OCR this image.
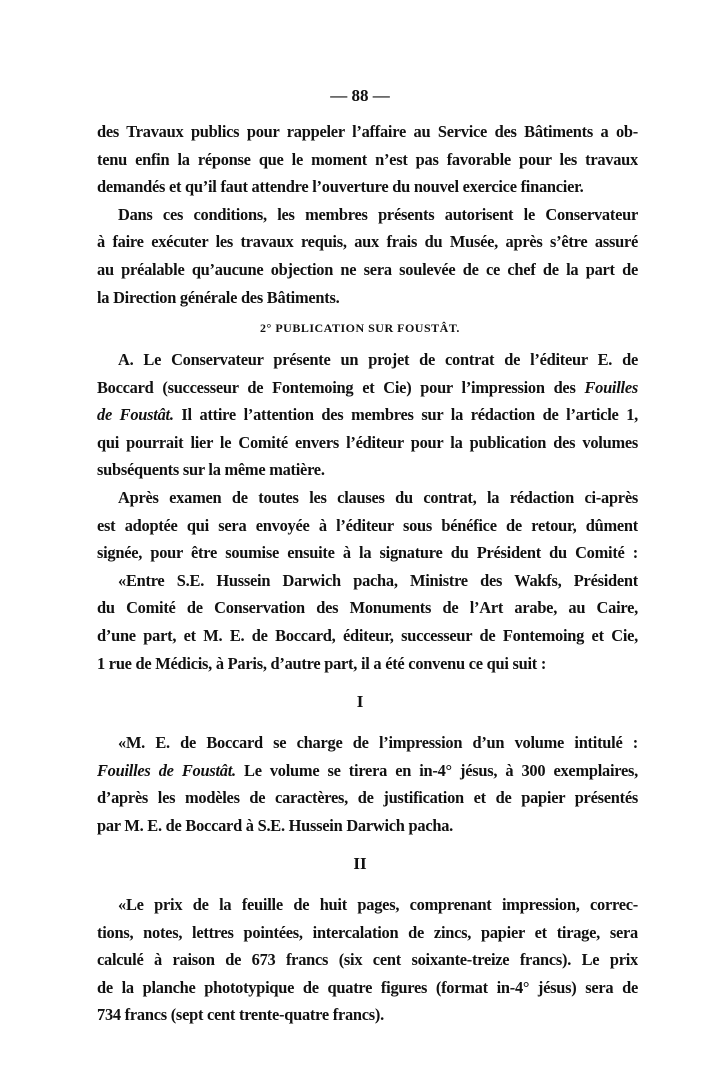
— 88 —
des Travaux publics pour rappeler l’affaire au Service des Bâtiments a ob-
tenu enfin la réponse que le moment n’est pas favorable pour les travaux
demandés et qu’il faut attendre l’ouverture du nouvel exercice financier.
Dans ces conditions, les membres présents autorisent le Conservateur
à faire exécuter les travaux requis, aux frais du Musée, après s’être assuré
au préalable qu’aucune objection ne sera soulevée de ce chef de la part de
la Direction générale des Bâtiments.
2° PUBLICATION SUR FOUSTÂT.
A. Le Conservateur présente un projet de contrat de l’éditeur E. de
Boccard (successeur de Fontemoing et Cie) pour l’impression des Fouilles
de Foustât. Il attire l’attention des membres sur la rédaction de l’article 1,
qui pourrait lier le Comité envers l’éditeur pour la publication des volumes
subséquents sur la même matière.
Après examen de toutes les clauses du contrat, la rédaction ci-après
est adoptée qui sera envoyée à l’éditeur sous bénéfice de retour, dûment
signée, pour être soumise ensuite à la signature du Président du Comité :
«Entre S.E. Hussein Darwich pacha, Ministre des Wakfs, Président
du Comité de Conservation des Monuments de l’Art arabe, au Caire,
d’une part, et M. E. de Boccard, éditeur, successeur de Fontemoing et Cie,
1 rue de Médicis, à Paris, d’autre part, il a été convenu ce qui suit :
I
«M. E. de Boccard se charge de l’impression d’un volume intitulé :
Fouilles de Foustât. Le volume se tirera en in-4° jésus, à 300 exemplaires,
d’après les modèles de caractères, de justification et de papier présentés
par M. E. de Boccard à S.E. Hussein Darwich pacha.
II
«Le prix de la feuille de huit pages, comprenant impression, correc-
tions, notes, lettres pointées, intercalation de zincs, papier et tirage, sera
calculé à raison de 673 francs (six cent soixante-treize francs). Le prix
de la planche phototypique de quatre figures (format in-4° jésus) sera de
734 francs (sept cent trente-quatre francs).
